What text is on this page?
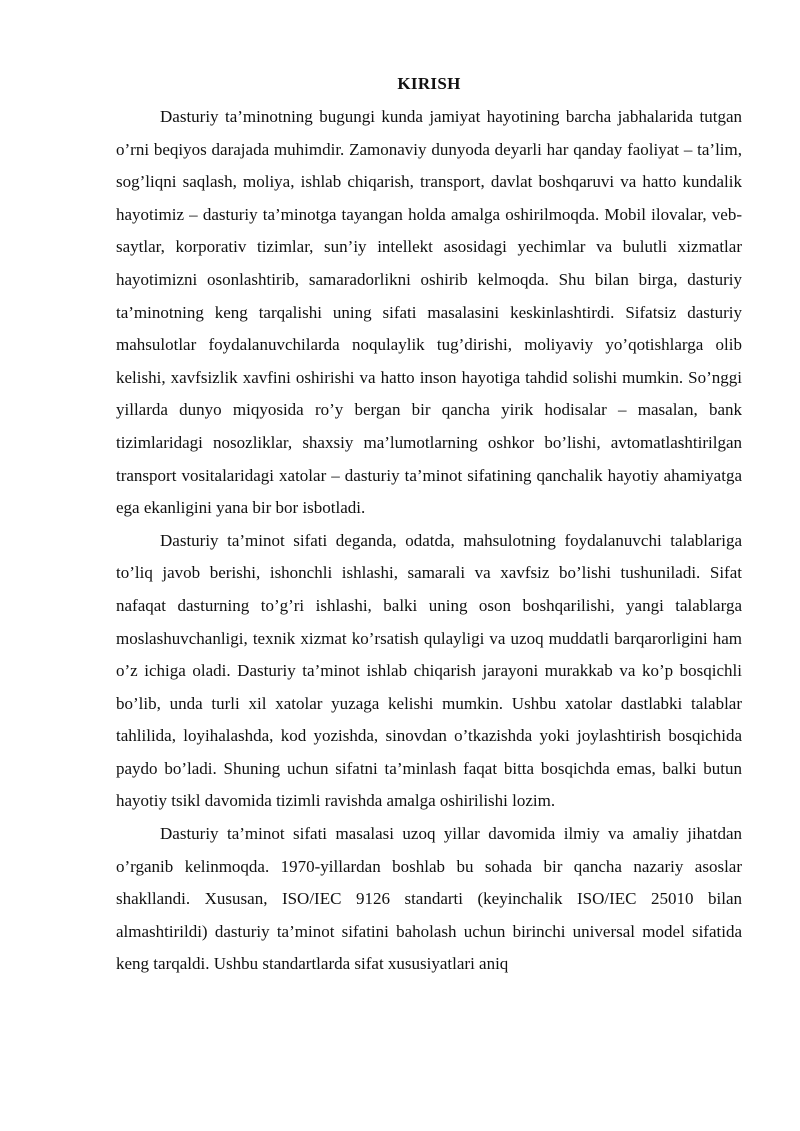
KIRISH

Dasturiy ta’minotning bugungi kunda jamiyat hayotining barcha jabhalarida tutgan o’rni beqiyos darajada muhimdir. Zamonaviy dunyoda deyarli har qanday faoliyat – ta’lim, sog’liqni saqlash, moliya, ishlab chiqarish, transport, davlat boshqaruvi va hatto kundalik hayotimiz – dasturiy ta’minotga tayangan holda amalga oshirilmoqda. Mobil ilovalar, veb-saytlar, korporativ tizimlar, sun’iy intellekt asosidagi yechimlar va bulutli xizmatlar hayotimizni osonlashtirib, samaradorlikni oshirib kelmoqda. Shu bilan birga, dasturiy ta’minotning keng tarqalishi uning sifati masalasini keskinlashtirdi. Sifatsiz dasturiy mahsulotlar foydalanuvchilarda noqulaylik tug’dirishi, moliyaviy yo’qotishlarga olib kelishi, xavfsizlik xavfini oshirishi va hatto inson hayotiga tahdid solishi mumkin. So’nggi yillarda dunyo miqyosida ro’y bergan bir qancha yirik hodisalar – masalan, bank tizimlaridagi nosozliklar, shaxsiy ma’lumotlarning oshkor bo’lishi, avtomatlashtirilgan transport vositalaridagi xatolar – dasturiy ta’minot sifatining qanchalik hayotiy ahamiyatga ega ekanligini yana bir bor isbotladi.

Dasturiy ta’minot sifati deganda, odatda, mahsulotning foydalanuvchi talablariga to’liq javob berishi, ishonchli ishlashi, samarali va xavfsiz bo’lishi tushuniladi. Sifat nafaqat dasturning to’g’ri ishlashi, balki uning oson boshqarilishi, yangi talablarga moslashuvchanligi, texnik xizmat ko’rsatish qulayligi va uzoq muddatli barqarorligini ham o’z ichiga oladi. Dasturiy ta’minot ishlab chiqarish jarayoni murakkab va ko’p bosqichli bo’lib, unda turli xil xatolar yuzaga kelishi mumkin. Ushbu xatolar dastlabki talablar tahlilida, loyihalashda, kod yozishda, sinovdan o’tkazishda yoki joylashtirish bosqichida paydo bo’ladi. Shuning uchun sifatni ta’minlash faqat bitta bosqichda emas, balki butun hayotiy tsikl davomida tizimli ravishda amalga oshirilishi lozim.

Dasturiy ta’minot sifati masalasi uzoq yillar davomida ilmiy va amaliy jihatdan o’rganib kelinmoqda. 1970-yillardan boshlab bu sohada bir qancha nazariy asoslar shakllandi. Xususan, ISO/IEC 9126 standarti (keyinchalik ISO/IEC 25010 bilan almashtirildi) dasturiy ta’minot sifatini baholash uchun birinchi universal model sifatida keng tarqaldi. Ushbu standartlarda sifat xususiyatlari aniq
